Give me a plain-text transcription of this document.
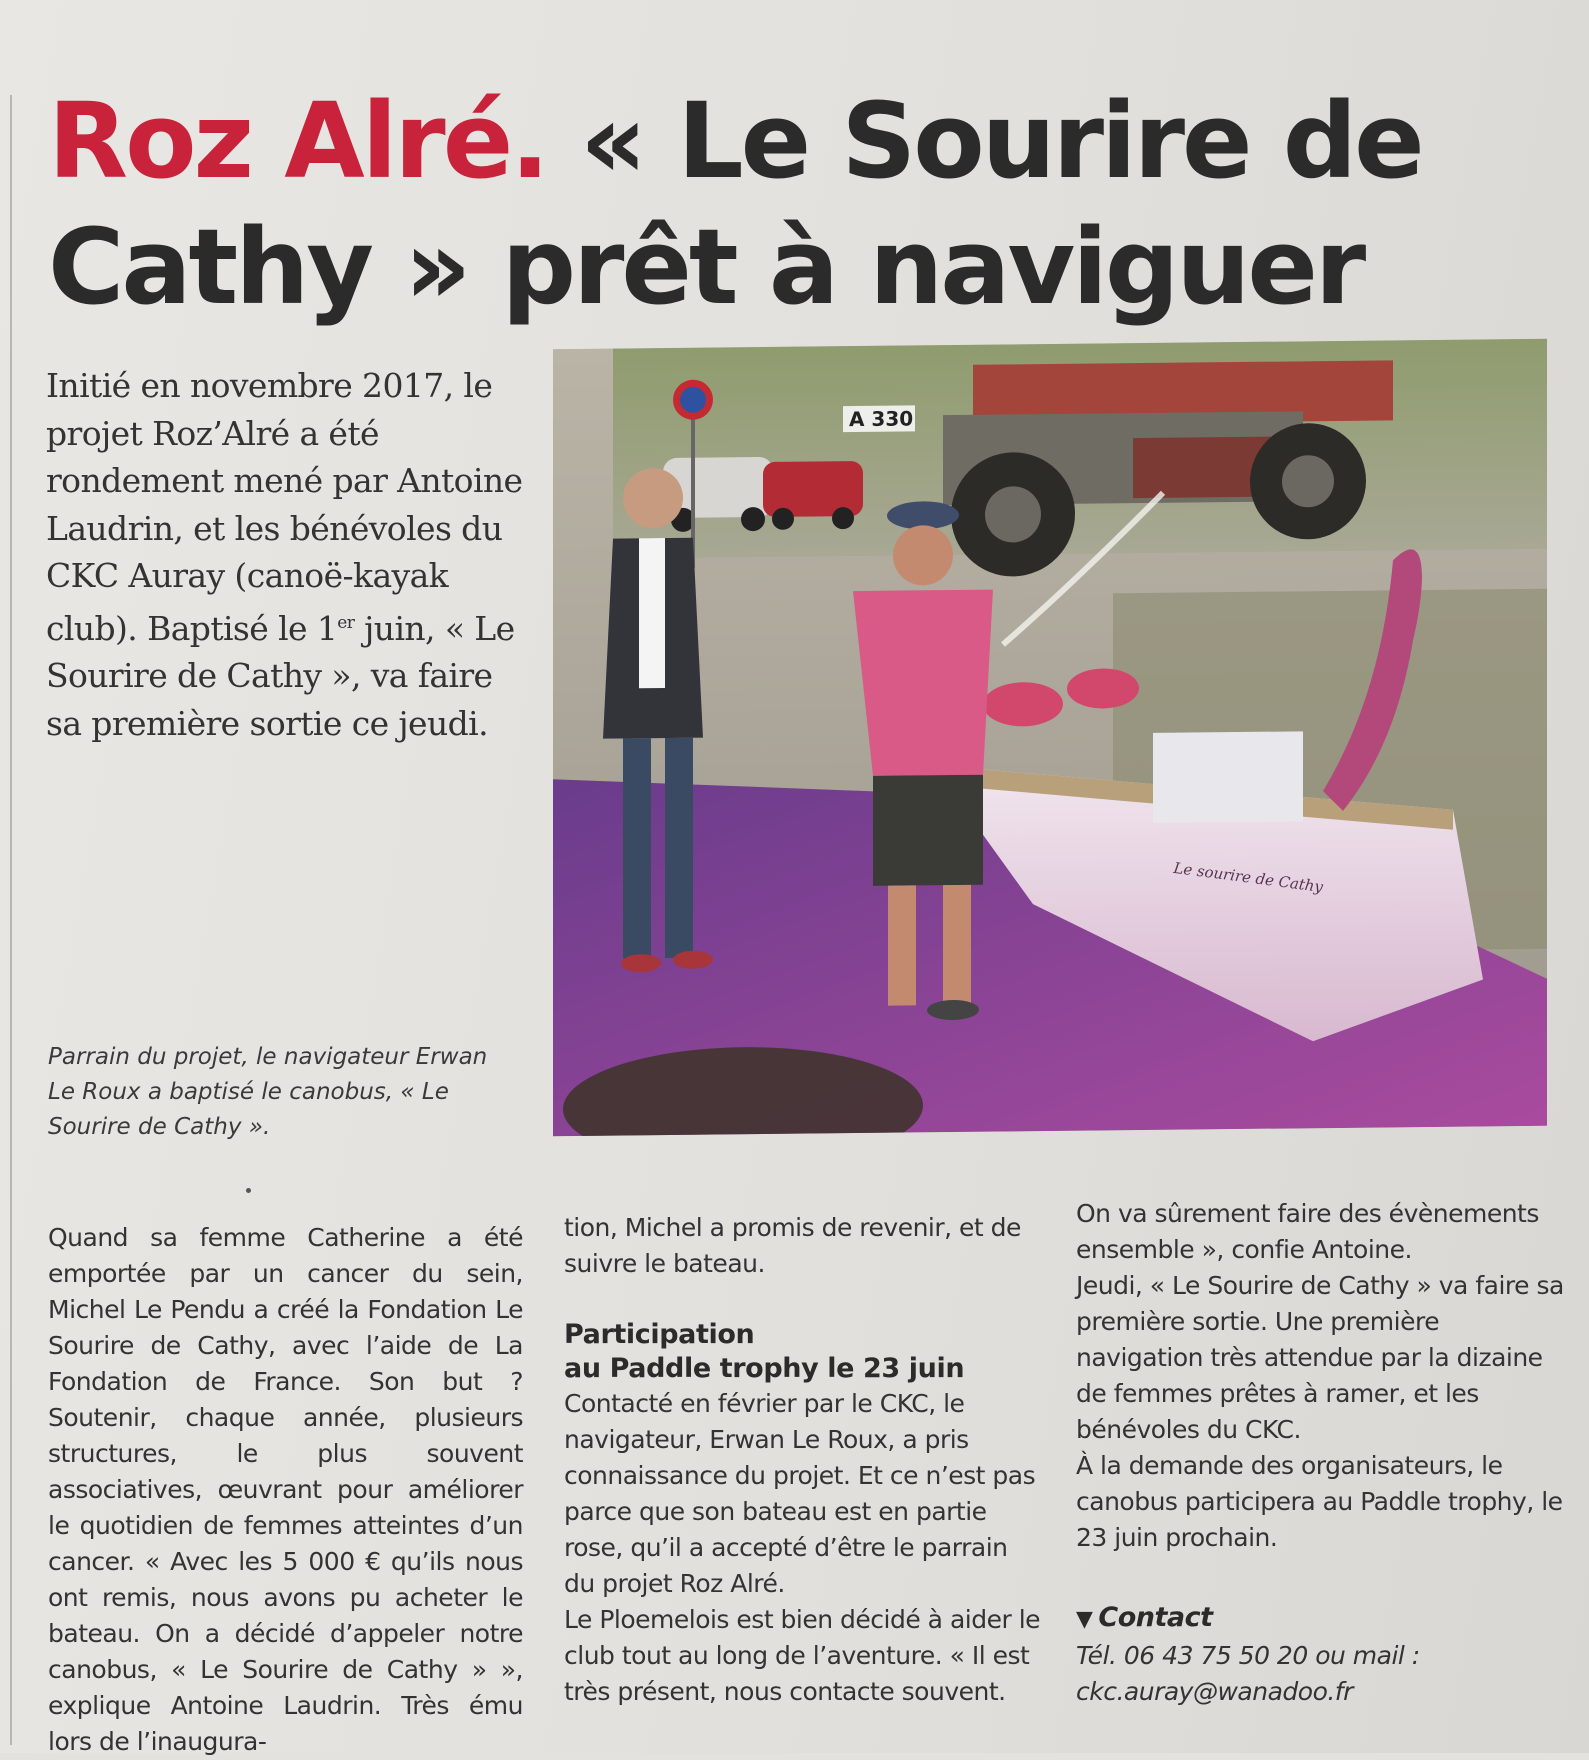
Roz Alré. « Le Sourire de Cathy » prêt à naviguer

Initié en novembre 2017, le projet Roz’Alré a été rondement mené par Antoine Laudrin, et les bénévoles du CKC Auray (canoë-kayak club). Baptisé le 1er juin, « Le Sourire de Cathy », va faire sa première sortie ce jeudi.

A 330
Le sourire de Cathy

Parrain du projet, le navigateur Erwan Le Roux a baptisé le canobus, « Le Sourire de Cathy ».

Quand sa femme Catherine a été emportée par un cancer du sein, Michel Le Pendu a créé la Fondation Le Sourire de Cathy, avec l’aide de La Fondation de France. Son but ? Soutenir, chaque année, plusieurs structures, le plus souvent associatives, œuvrant pour améliorer le quotidien de femmes atteintes d’un cancer. « Avec les 5 000 € qu’ils nous ont remis, nous avons pu acheter le bateau. On a décidé d’appeler notre canobus, « Le Sourire de Cathy » », explique Antoine Laudrin. Très ému lors de l’inaugura-

tion, Michel a promis de revenir, et de suivre le bateau.

Participation
au Paddle trophy le 23 juin

Contacté en février par le CKC, le navigateur, Erwan Le Roux, a pris connaissance du projet. Et ce n’est pas parce que son bateau est en partie rose, qu’il a accepté d’être le parrain du projet Roz Alré.

Le Ploemelois est bien décidé à aider le club tout au long de l’aventure. « Il est très présent, nous contacte souvent.

On va sûrement faire des évènements ensemble », confie Antoine.

Jeudi, « Le Sourire de Cathy » va faire sa première sortie. Une première navigation très attendue par la dizaine de femmes prêtes à ramer, et les bénévoles du CKC.

À la demande des organisateurs, le canobus participera au Paddle trophy, le 23 juin prochain.

▼ Contact
Tél. 06 43 75 50 20 ou mail :
ckc.auray@wanadoo.fr
